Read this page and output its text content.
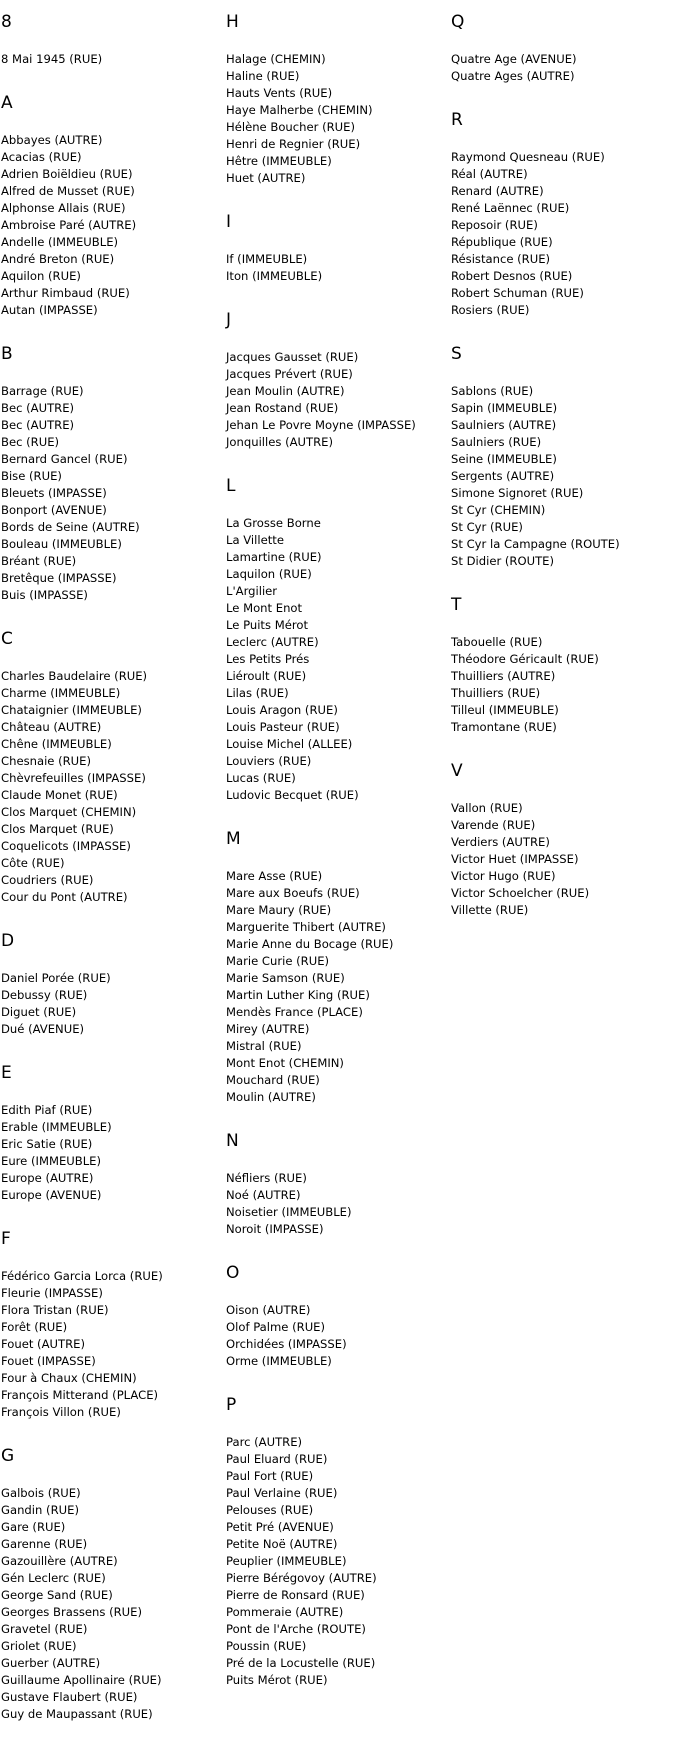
8
8 Mai 1945 (RUE)
A
Abbayes (AUTRE)
Acacias (RUE)
Adrien Boiëldieu (RUE)
Alfred de Musset (RUE)
Alphonse Allais (RUE)
Ambroise Paré (AUTRE)
Andelle (IMMEUBLE)
André Breton (RUE)
Aquilon (RUE)
Arthur Rimbaud (RUE)
Autan (IMPASSE)
B
Barrage (RUE)
Bec (AUTRE)
Bec (AUTRE)
Bec (RUE)
Bernard Gancel (RUE)
Bise (RUE)
Bleuets (IMPASSE)
Bonport (AVENUE)
Bords de Seine (AUTRE)
Bouleau (IMMEUBLE)
Bréant (RUE)
Bretêque (IMPASSE)
Buis (IMPASSE)
C
Charles Baudelaire (RUE)
Charme (IMMEUBLE)
Chataignier (IMMEUBLE)
Château (AUTRE)
Chêne (IMMEUBLE)
Chesnaie (RUE)
Chèvrefeuilles (IMPASSE)
Claude Monet (RUE)
Clos Marquet (CHEMIN)
Clos Marquet (RUE)
Coquelicots (IMPASSE)
Côte (RUE)
Coudriers (RUE)
Cour du Pont (AUTRE)
D
Daniel Porée (RUE)
Debussy (RUE)
Diguet (RUE)
Dué (AVENUE)
E
Edith Piaf (RUE)
Erable (IMMEUBLE)
Eric Satie (RUE)
Eure (IMMEUBLE)
Europe (AUTRE)
Europe (AVENUE)
F
Fédérico Garcia Lorca (RUE)
Fleurie (IMPASSE)
Flora Tristan (RUE)
Forêt (RUE)
Fouet (AUTRE)
Fouet (IMPASSE)
Four à Chaux (CHEMIN)
François Mitterand (PLACE)
François Villon (RUE)
G
Galbois (RUE)
Gandin (RUE)
Gare (RUE)
Garenne (RUE)
Gazouillère (AUTRE)
Gén Leclerc (RUE)
George Sand (RUE)
Georges Brassens (RUE)
Gravetel (RUE)
Griolet (RUE)
Guerber (AUTRE)
Guillaume Apollinaire (RUE)
Gustave Flaubert (RUE)
Guy de Maupassant (RUE)
H
Halage (CHEMIN)
Haline (RUE)
Hauts Vents (RUE)
Haye Malherbe (CHEMIN)
Hélène Boucher (RUE)
Henri de Regnier (RUE)
Hêtre (IMMEUBLE)
Huet (AUTRE)
I
If (IMMEUBLE)
Iton (IMMEUBLE)
J
Jacques Gausset (RUE)
Jacques Prévert (RUE)
Jean Moulin (AUTRE)
Jean Rostand (RUE)
Jehan Le Povre Moyne (IMPASSE)
Jonquilles (AUTRE)
L
La Grosse Borne
La Villette
Lamartine (RUE)
Laquilon (RUE)
L'Argilier
Le Mont Enot
Le Puits Mérot
Leclerc (AUTRE)
Les Petits Prés
Liéroult (RUE)
Lilas (RUE)
Louis Aragon (RUE)
Louis Pasteur (RUE)
Louise Michel (ALLEE)
Louviers (RUE)
Lucas (RUE)
Ludovic Becquet (RUE)
M
Mare Asse (RUE)
Mare aux Boeufs (RUE)
Mare Maury (RUE)
Marguerite Thibert (AUTRE)
Marie Anne du Bocage (RUE)
Marie Curie (RUE)
Marie Samson (RUE)
Martin Luther King (RUE)
Mendès France (PLACE)
Mirey (AUTRE)
Mistral (RUE)
Mont Enot (CHEMIN)
Mouchard (RUE)
Moulin (AUTRE)
N
Néfliers (RUE)
Noé (AUTRE)
Noisetier (IMMEUBLE)
Noroit (IMPASSE)
O
Oison (AUTRE)
Olof Palme (RUE)
Orchidées (IMPASSE)
Orme (IMMEUBLE)
P
Parc (AUTRE)
Paul Eluard (RUE)
Paul Fort (RUE)
Paul Verlaine (RUE)
Pelouses (RUE)
Petit Pré (AVENUE)
Petite Noë (AUTRE)
Peuplier (IMMEUBLE)
Pierre Bérégovoy (AUTRE)
Pierre de Ronsard (RUE)
Pommeraie (AUTRE)
Pont de l'Arche (ROUTE)
Poussin (RUE)
Pré de la Locustelle (RUE)
Puits Mérot (RUE)
Q
Quatre Age (AVENUE)
Quatre Ages (AUTRE)
R
Raymond Quesneau (RUE)
Réal (AUTRE)
Renard (AUTRE)
René Laënnec (RUE)
Reposoir (RUE)
République (RUE)
Résistance (RUE)
Robert Desnos (RUE)
Robert Schuman (RUE)
Rosiers (RUE)
S
Sablons (RUE)
Sapin (IMMEUBLE)
Saulniers (AUTRE)
Saulniers (RUE)
Seine (IMMEUBLE)
Sergents (AUTRE)
Simone Signoret (RUE)
St Cyr (CHEMIN)
St Cyr (RUE)
St Cyr la Campagne (ROUTE)
St Didier (ROUTE)
T
Tabouelle (RUE)
Théodore Géricault (RUE)
Thuilliers (AUTRE)
Thuilliers (RUE)
Tilleul (IMMEUBLE)
Tramontane (RUE)
V
Vallon (RUE)
Varende (RUE)
Verdiers (AUTRE)
Victor Huet (IMPASSE)
Victor Hugo (RUE)
Victor Schoelcher (RUE)
Villette (RUE)
